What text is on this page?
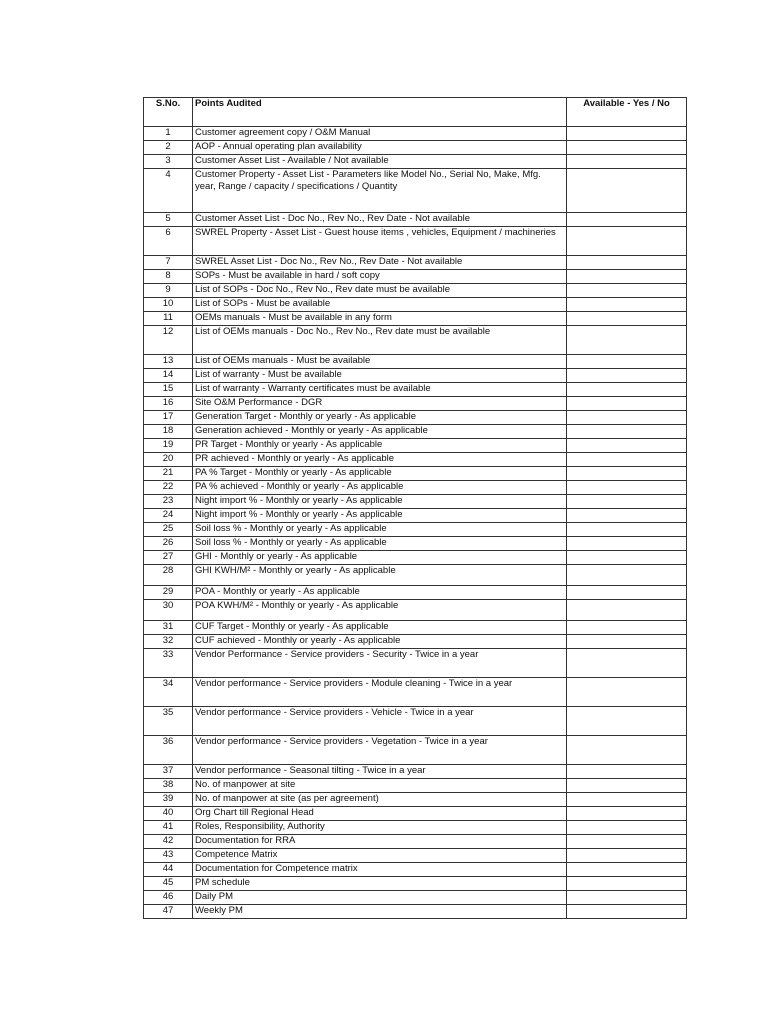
S.No.	Points Audited	Available - Yes / No
1	Customer agreement copy / O&M Manual	
2	AOP - Annual operating plan availability	
3	Customer Asset List - Available / Not available	
4	Customer Property - Asset List - Parameters like Model No., Serial No, Make, Mfg. year, Range / capacity / specifications / Quantity	
5	Customer Asset List - Doc No., Rev No., Rev Date - Not available	
6	SWREL Property - Asset List - Guest house items , vehicles, Equipment / machineries	
7	SWREL Asset List - Doc No., Rev No., Rev Date - Not available	
8	SOPs - Must be available in hard / soft copy	
9	List of SOPs - Doc No., Rev No., Rev date must be available	
10	List of SOPs - Must be available	
11	OEMs manuals - Must be available in any form	
12	List of OEMs manuals - Doc No., Rev No., Rev date must be available	
13	List of OEMs manuals - Must be available	
14	List of warranty - Must be available	
15	List of warranty - Warranty certificates must be available	
16	Site O&M Performance - DGR	
17	Generation Target - Monthly or yearly - As applicable	
18	Generation achieved - Monthly or yearly - As applicable	
19	PR Target - Monthly or yearly - As applicable	
20	PR achieved - Monthly or yearly - As applicable	
21	PA % Target - Monthly or yearly - As applicable	
22	PA % achieved - Monthly or yearly - As applicable	
23	Night import % - Monthly or yearly - As applicable	
24	Night import % - Monthly or yearly - As applicable	
25	Soil loss % - Monthly or yearly - As applicable	
26	Soil loss % - Monthly or yearly - As applicable	
27	GHI - Monthly or yearly - As applicable	
28	GHI KWH/M² - Monthly or yearly - As applicable	
29	POA - Monthly or yearly - As applicable	
30	POA KWH/M² - Monthly or yearly - As applicable	
31	CUF Target - Monthly or yearly - As applicable	
32	CUF achieved - Monthly or yearly - As applicable	
33	Vendor Performance - Service providers - Security - Twice in a year	
34	Vendor performance - Service providers - Module cleaning - Twice in a year	
35	Vendor performance - Service providers - Vehicle - Twice in a year	
36	Vendor performance - Service providers - Vegetation - Twice in a year	
37	Vendor performance - Seasonal tilting - Twice in a year	
38	No. of manpower at site	
39	No. of manpower at site (as per agreement)	
40	Org Chart till Regional Head	
41	Roles, Responsibility, Authority	
42	Documentation for RRA	
43	Competence Matrix	
44	Documentation for Competence matrix	
45	PM schedule	
46	Daily PM	
47	Weekly PM	
